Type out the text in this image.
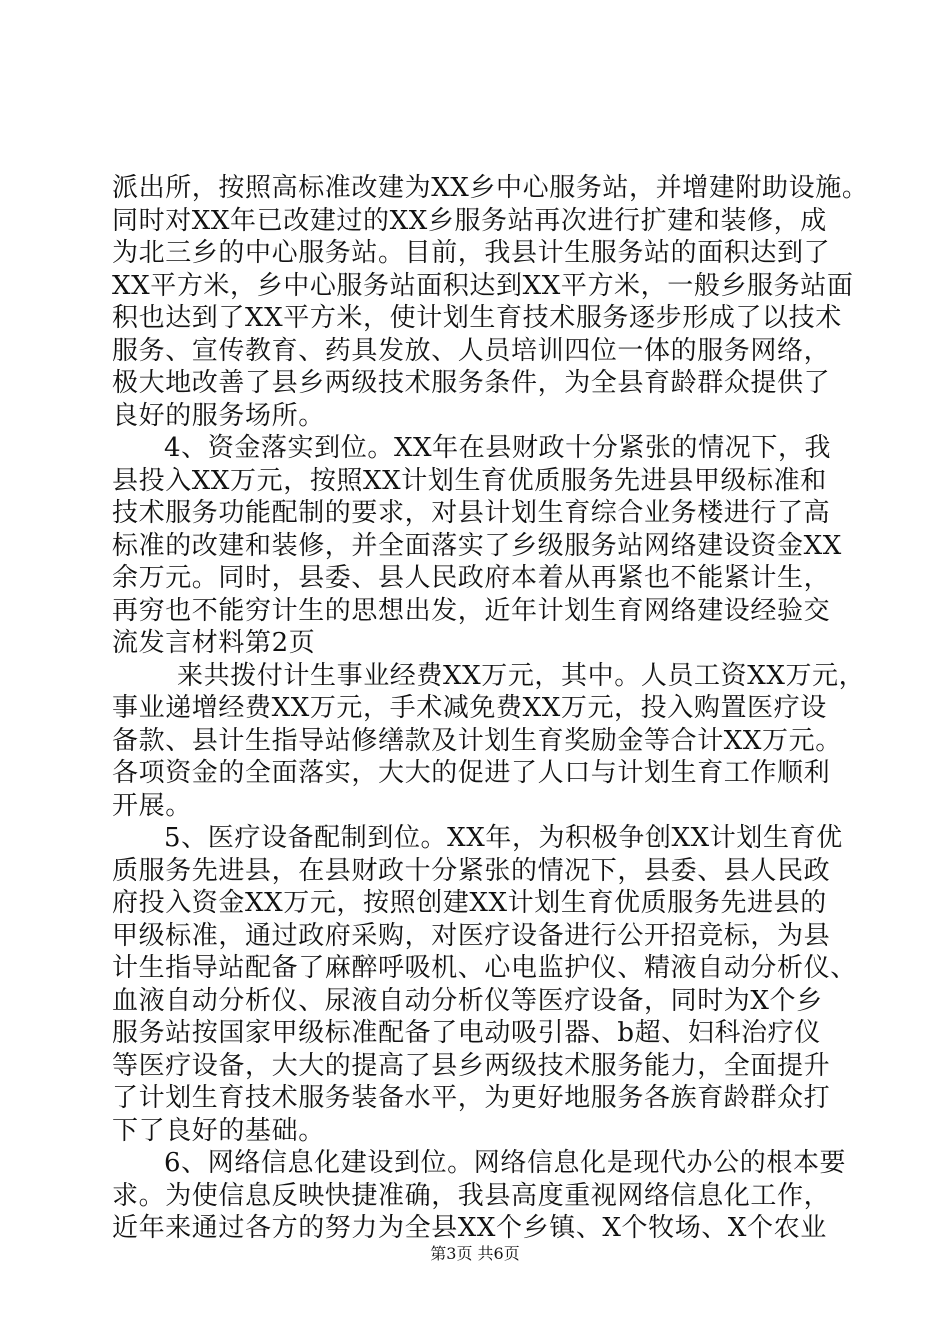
派出所，按照高标准改建为XX乡中心服务站，并增建附助设施。
同时对XX年已改建过的XX乡服务站再次进行扩建和装修，成
为北三乡的中心服务站。目前，我县计生服务站的面积达到了
XX平方米，乡中心服务站面积达到XX平方米，一般乡服务站面
积也达到了XX平方米，使计划生育技术服务逐步形成了以技术
服务、宣传教育、药具发放、人员培训四位一体的服务网络，
极大地改善了县乡两级技术服务条件，为全县育龄群众提供了
良好的服务场所。
4、资金落实到位。XX年在县财政十分紧张的情况下，我
县投入XX万元，按照XX计划生育优质服务先进县甲级标准和
技术服务功能配制的要求，对县计划生育综合业务楼进行了高
标准的改建和装修，并全面落实了乡级服务站网络建设资金XX
余万元。同时，县委、县人民政府本着从再紧也不能紧计生，
再穷也不能穷计生的思想出发，近年计划生育网络建设经验交
流发言材料第2页
来共拨付计生事业经费XX万元，其中。人员工资XX万元，
事业递增经费XX万元，手术减免费XX万元，投入购置医疗设
备款、县计生指导站修缮款及计划生育奖励金等合计XX万元。
各项资金的全面落实，大大的促进了人口与计划生育工作顺利
开展。
5、医疗设备配制到位。XX年，为积极争创XX计划生育优
质服务先进县，在县财政十分紧张的情况下，县委、县人民政
府投入资金XX万元，按照创建XX计划生育优质服务先进县的
甲级标准，通过政府采购，对医疗设备进行公开招竞标，为县
计生指导站配备了麻醉呼吸机、心电监护仪、精液自动分析仪、
血液自动分析仪、尿液自动分析仪等医疗设备，同时为X个乡
服务站按国家甲级标准配备了电动吸引器、b超、妇科治疗仪
等医疗设备，大大的提高了县乡两级技术服务能力，全面提升
了计划生育技术服务装备水平，为更好地服务各族育龄群众打
下了良好的基础。
6、网络信息化建设到位。网络信息化是现代办公的根本要
求。为使信息反映快捷准确，我县高度重视网络信息化工作，
近年来通过各方的努力为全县XX个乡镇、X个牧场、X个农业
第3页 共6页
